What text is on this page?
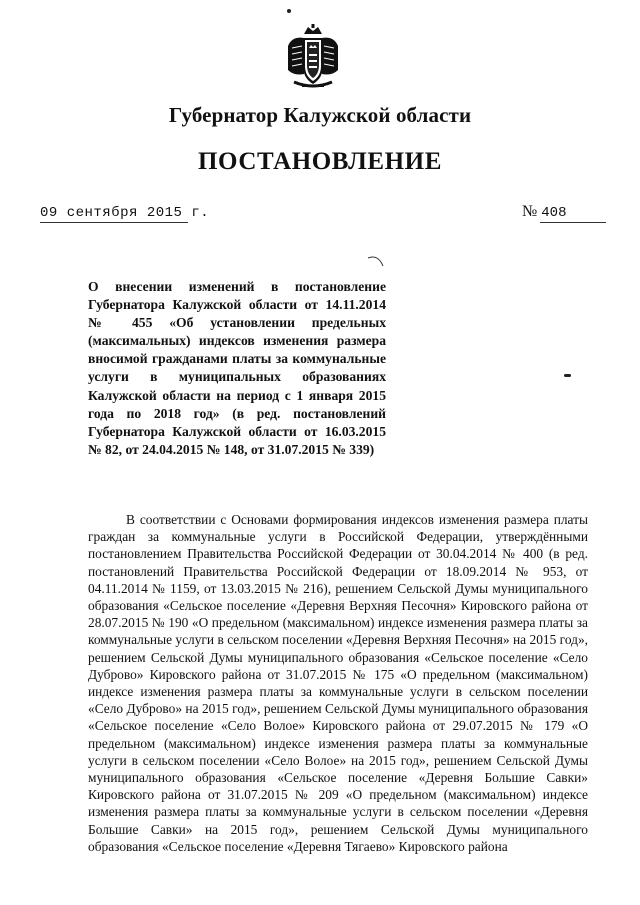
Губернатор Калужской области
ПОСТАНОВЛЕНИЕ
09 сентября 2015 г.	№ 408
О внесении изменений в постановление Губернатора Калужской области от 14.11.2014 № 455 «Об установлении предельных (максимальных) индексов изменения размера вносимой гражданами платы за коммунальные услуги в муниципальных образованиях Калужской области на период с 1 января 2015 года по 2018 год» (в ред. постановлений Губернатора Калужской области от 16.03.2015 № 82, от 24.04.2015 № 148, от 31.07.2015 № 339)
В соответствии с Основами формирования индексов изменения размера платы граждан за коммунальные услуги в Российской Федерации, утверждёнными постановлением Правительства Российской Федерации от 30.04.2014 № 400 (в ред. постановлений Правительства Российской Федерации от 18.09.2014 № 953, от 04.11.2014 № 1159, от 13.03.2015 № 216), решением Сельской Думы муниципального образования «Сельское поселение «Деревня Верхняя Песочня» Кировского района от 28.07.2015 № 190 «О предельном (максимальном) индексе изменения размера платы за коммунальные услуги в сельском поселении «Деревня Верхняя Песочня» на 2015 год», решением Сельской Думы муниципального образования «Сельское поселение «Село Дуброво» Кировского района от 31.07.2015 № 175 «О предельном (максимальном) индексе изменения размера платы за коммунальные услуги в сельском поселении «Село Дуброво» на 2015 год», решением Сельской Думы муниципального образования «Сельское поселение «Село Волое» Кировского района от 29.07.2015 № 179 «О предельном (максимальном) индексе изменения размера платы за коммунальные услуги в сельском поселении «Село Волое» на 2015 год», решением Сельской Думы муниципального образования «Сельское поселение «Деревня Большие Савки» Кировского района от 31.07.2015 № 209 «О предельном (максимальном) индексе изменения размера платы за коммунальные услуги в сельском поселении «Деревня Большие Савки» на 2015 год», решением Сельской Думы муниципального образования «Сельское поселение «Деревня Тягаево» Кировского района
